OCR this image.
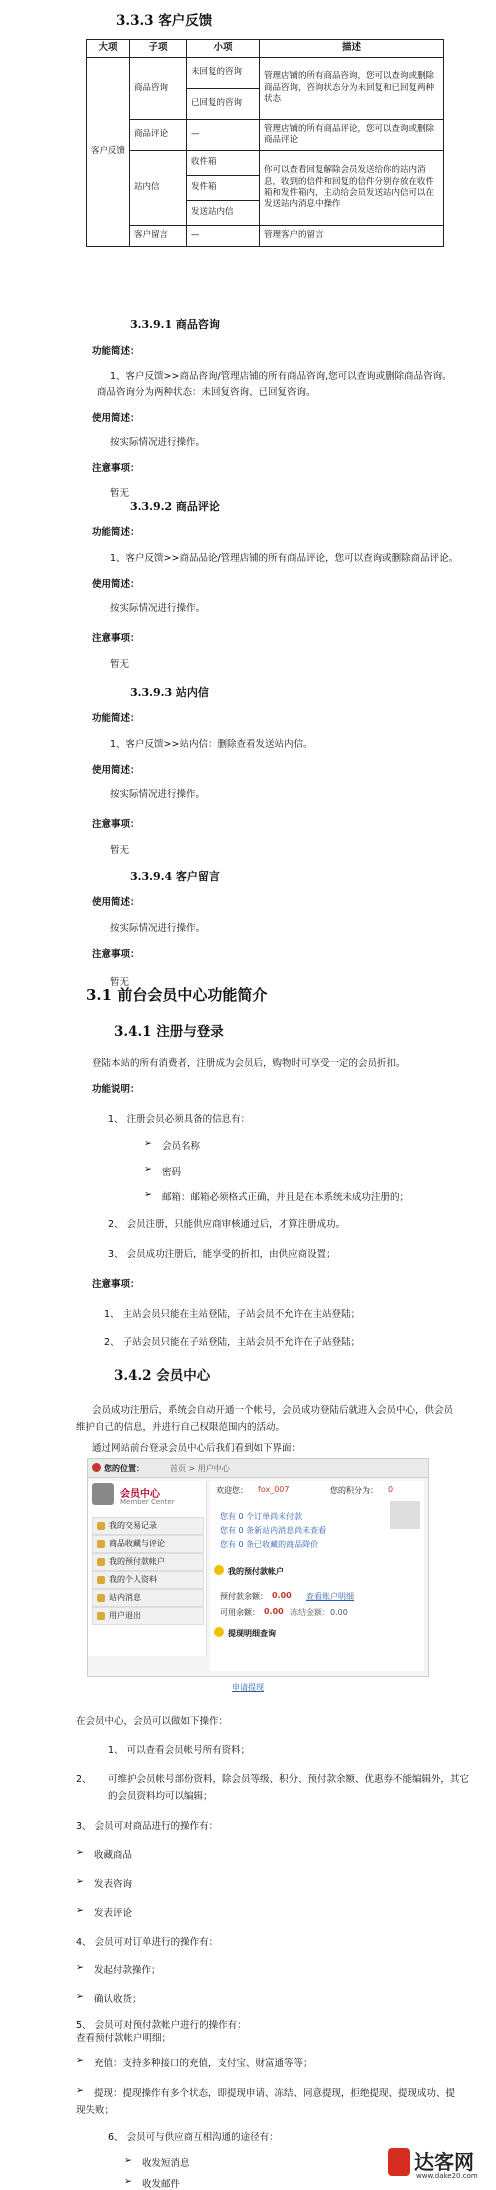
3.3.3 客户反馈
大项	子项	小项	描述
客户反馈	商品咨询	未回复的咨询	管理店铺的所有商品咨询，您可以查询或删除商品咨询，咨询状态分为未回复和已回复两种状态
		已回复的咨询	
	商品评论	—	管理店铺的所有商品评论，您可以查询或删除商品评论
	站内信	收件箱	你可以查看回复解除会员发送给你的站内消息，收到的信件和回复的信件分别存放在收件箱和发件箱内，主动给会员发送站内信可以在发送站内消息中操作
		发件箱	
		发送站内信	
	客户留言	—	管理客户的留言
3.3.9.1 商品咨询
功能简述：
1、客户反馈>>商品咨询/管理店铺的所有商品咨询,您可以查询或删除商品咨询。
商品咨询分为两种状态：未回复咨询、已回复咨询。
使用简述：
按实际情况进行操作。
注意事项：
暂无
3.3.9.2 商品评论
功能简述：
1、客户反馈>>商品品论/管理店铺的所有商品评论，您可以查询或删除商品评论。
使用简述：
按实际情况进行操作。
注意事项：
暂无
3.3.9.3 站内信
功能简述：
1、客户反馈>>站内信：删除查看发送站内信。
使用简述：
按实际情况进行操作。
注意事项：
暂无
3.3.9.4 客户留言
使用简述：
按实际情况进行操作。
注意事项：
暂无
3.1 前台会员中心功能简介
3.4.1 注册与登录
登陆本站的所有消费者，注册成为会员后，购物时可享受一定的会员折扣。
功能说明：
1、 注册会员必须具备的信息有：
➢ 会员名称
➢ 密码
➢ 邮箱：邮箱必须格式正确，并且是在本系统未成功注册的；
2、 会员注册，只能供应商审核通过后，才算注册成功。
3、 会员成功注册后，能享受的折扣，由供应商设置；
注意事项：
1、 主站会员只能在主站登陆，子站会员不允许在主站登陆；
2、 子站会员只能在子站登陆，主站会员不允许在子站登陆；
3.4.2 会员中心
会员成功注册后，系统会自动开通一个帐号，会员成功登陆后就进入会员中心，供会员
维护自己的信息，并进行自己权限范围内的活动。
通过网站前台登录会员中心后我们看到如下界面：
您的位置：	首页 > 用户中心
会员中心
Member Center
我的交易记录
商品收藏与评论
我的预付款帐户
我的个人资料
站内消息
用户退出
欢迎您： fox_007	您的积分为： 0
您有 0 个订单尚未付款
您有 0 条新站内消息尚未查看
您有 0 条已收藏的商品降价
我的预付款帐户
预付款余额： 0.00 查看账户明细
可用余额： 0.00 冻结金额：0.00
提现明细查询
申请提现
在会员中心，会员可以做如下操作：
1、 可以查看会员帐号所有资料；
2、 可维护会员帐号部份资料，除会员等级、积分、预付款余额、优惠券不能编辑外，其它
的会员资料均可以编辑；
3、 会员可对商品进行的操作有：
➢ 收藏商品
➢ 发表咨询
➢ 发表评论
4、 会员可对订单进行的操作有：
➢ 发起付款操作；
➢ 确认收货；
5、 会员可对预付款帐户进行的操作有：
查看预付款帐户明细；
➢ 充值：支持多种接口的充值，支付宝、财富通等等；
➢ 提现：提现操作有多个状态，即提现申请、冻结、同意提现，拒绝提现、提现成功、提
现失败；
6、 会员可与供应商互相沟通的途径有：
➢ 收发短消息
➢ 收发邮件
达客网
www.dake20.com
